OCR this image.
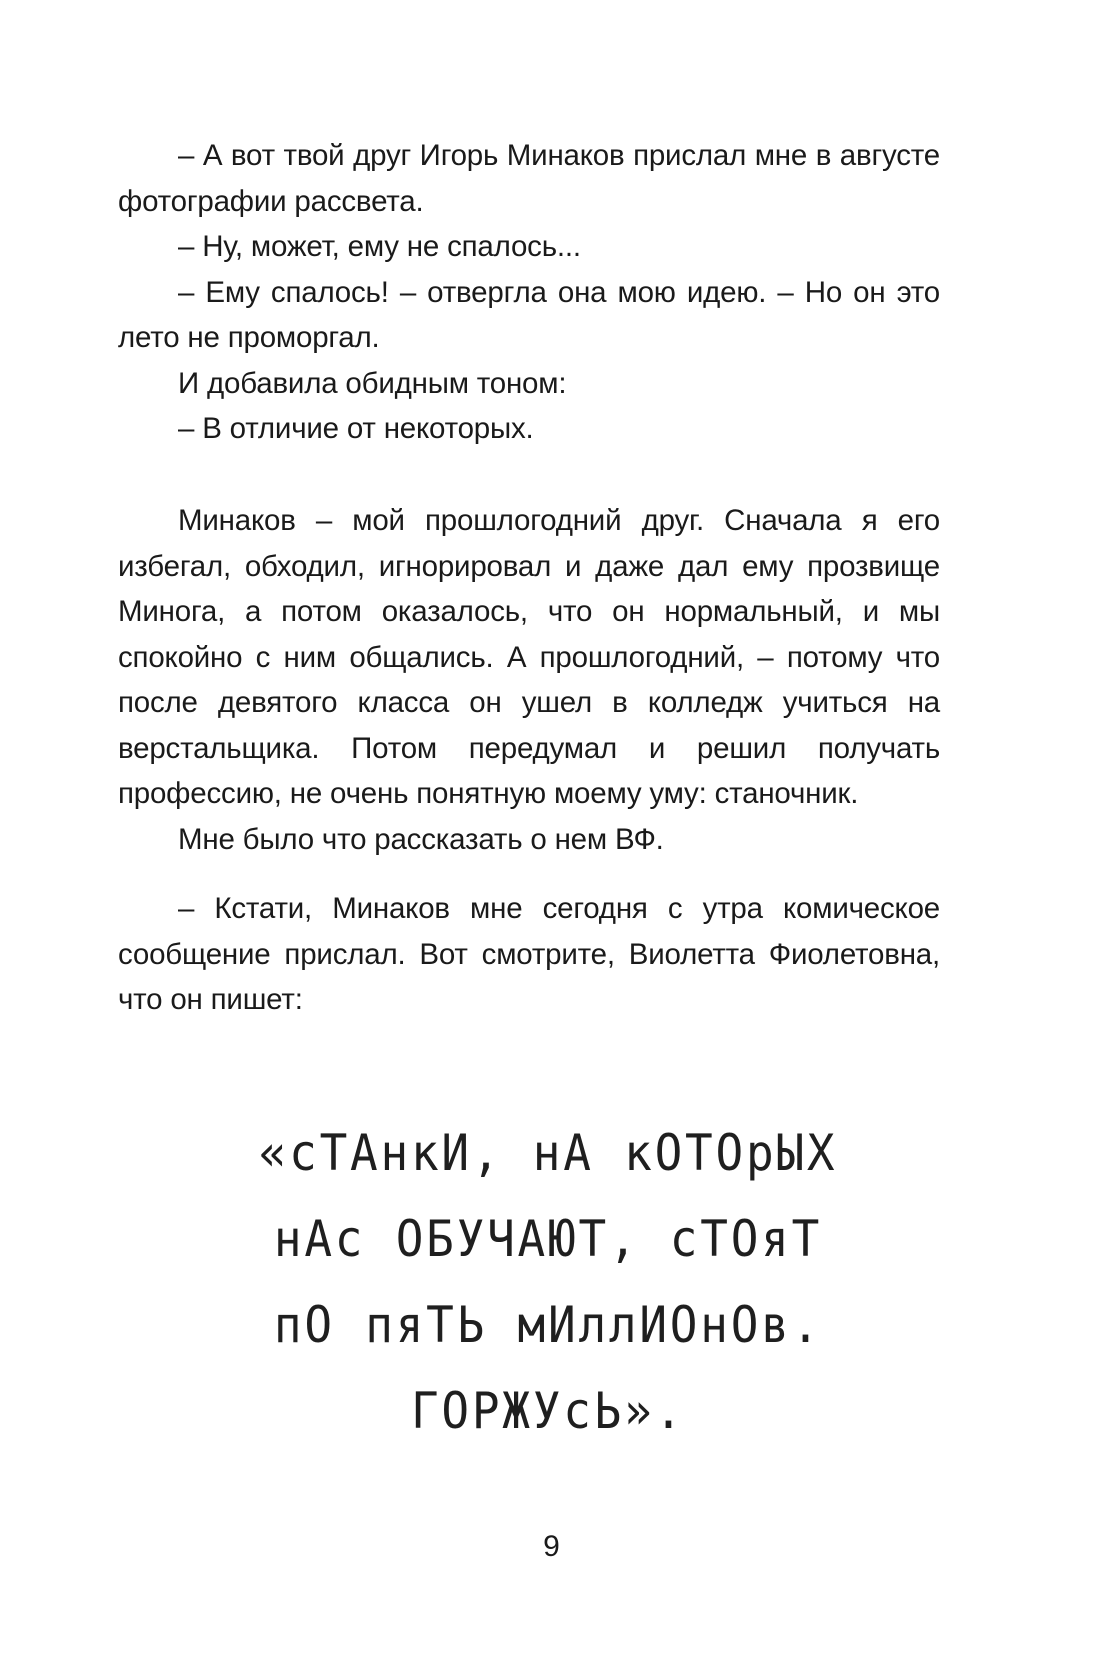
– А вот твой друг Игорь Минаков прислал мне в августе фотографии рассвета.

– Ну, может, ему не спалось...

– Ему спалось! – отвергла она мою идею. – Но он это лето не проморгал.

И добавила обидным тоном:

– В отличие от некоторых.

Минаков – мой прошлогодний друг. Сначала я его избегал, обходил, игнорировал и даже дал ему прозвище Минога, а потом оказалось, что он нормальный, и мы спокойно с ним общались. А прошлогодний, – потому что после девятого класса он ушел в колледж учиться на верстальщика. Потом передумал и решил получать профессию, не очень понятную моему уму: станочник.

Мне было что рассказать о нем ВФ.

– Кстати, Минаков мне сегодня с утра комическое сообщение прислал. Вот смотрите, Виолетта Фиолетовна, что он пишет:

«сТАнкИ, нА кОТОрЫХ
нАс ОБУЧАЮТ, сТОяТ
пО пяТЬ мИллИОнОв.
ГОРЖУсЬ».
9
